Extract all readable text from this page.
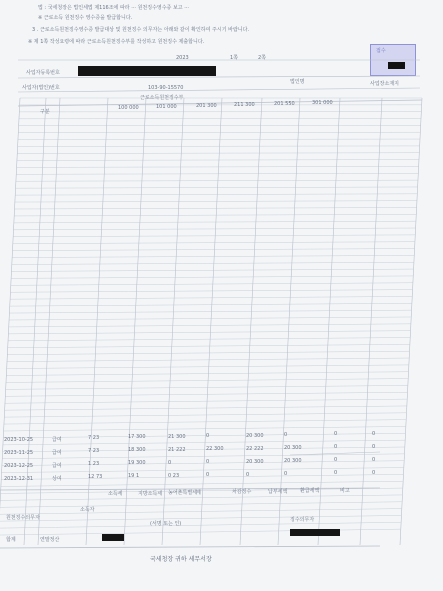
법 : 국세청장은 법인세법 제116조에 따라 ··· 원천징수영수증 보고 ···
※ 근로소득 원천징수 영수증을 발급합니다.
3 . 근로소득원천징수영수증 발급대상 및 원천징수 의무자는 아래와 같이 확인하여 주시기 바랍니다.
※ 제 1쪽 작성요령에 따라 근로소득원천징수부를 작성하고 원천징수 제출합니다.
2023	1쪽	2쪽
사업자등록번호
사업자(법인)번호	103-90-15570
근로소득원천징수부
법인명	사업장소재지
접수
100 000	101 000	201 300	211 300	201 550	301 000
구분
2023-10-25	급여	7 23	17 300	21 300	0	20 300	0	0	0
2023-11-25	급여	7 23	18 300	21 222	22 300	22 222	20 300	0	0
2023-12-25	급여	1 23	19 300	0	0	20 300	20 300	0	0
2023-12-31	상여	12 73	19 1	0 23	0	0	0	0	0
소득세	지방소득세 농어촌특별세 계	차감징수	납부세액	환급세액	비고
원천징수의무자
소득자
(서명 또는 인)
징수의무자
합계	연말정산
국세청장 귀하 세무서장
